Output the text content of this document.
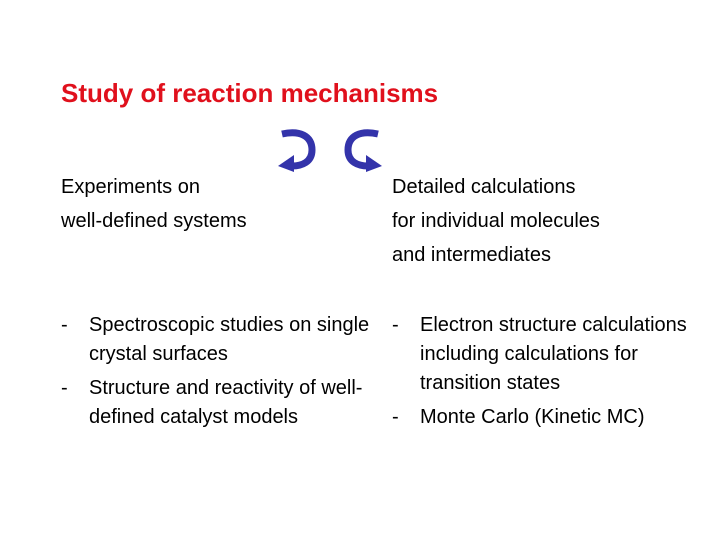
Study of reaction mechanisms
Experiments on
well-defined systems
Detailed calculations
for individual molecules
and intermediates
- Spectroscopic studies on single crystal surfaces
- Structure and reactivity of well-defined catalyst models
- Electron structure calculations including calculations for transition states
- Monte Carlo (Kinetic MC)
